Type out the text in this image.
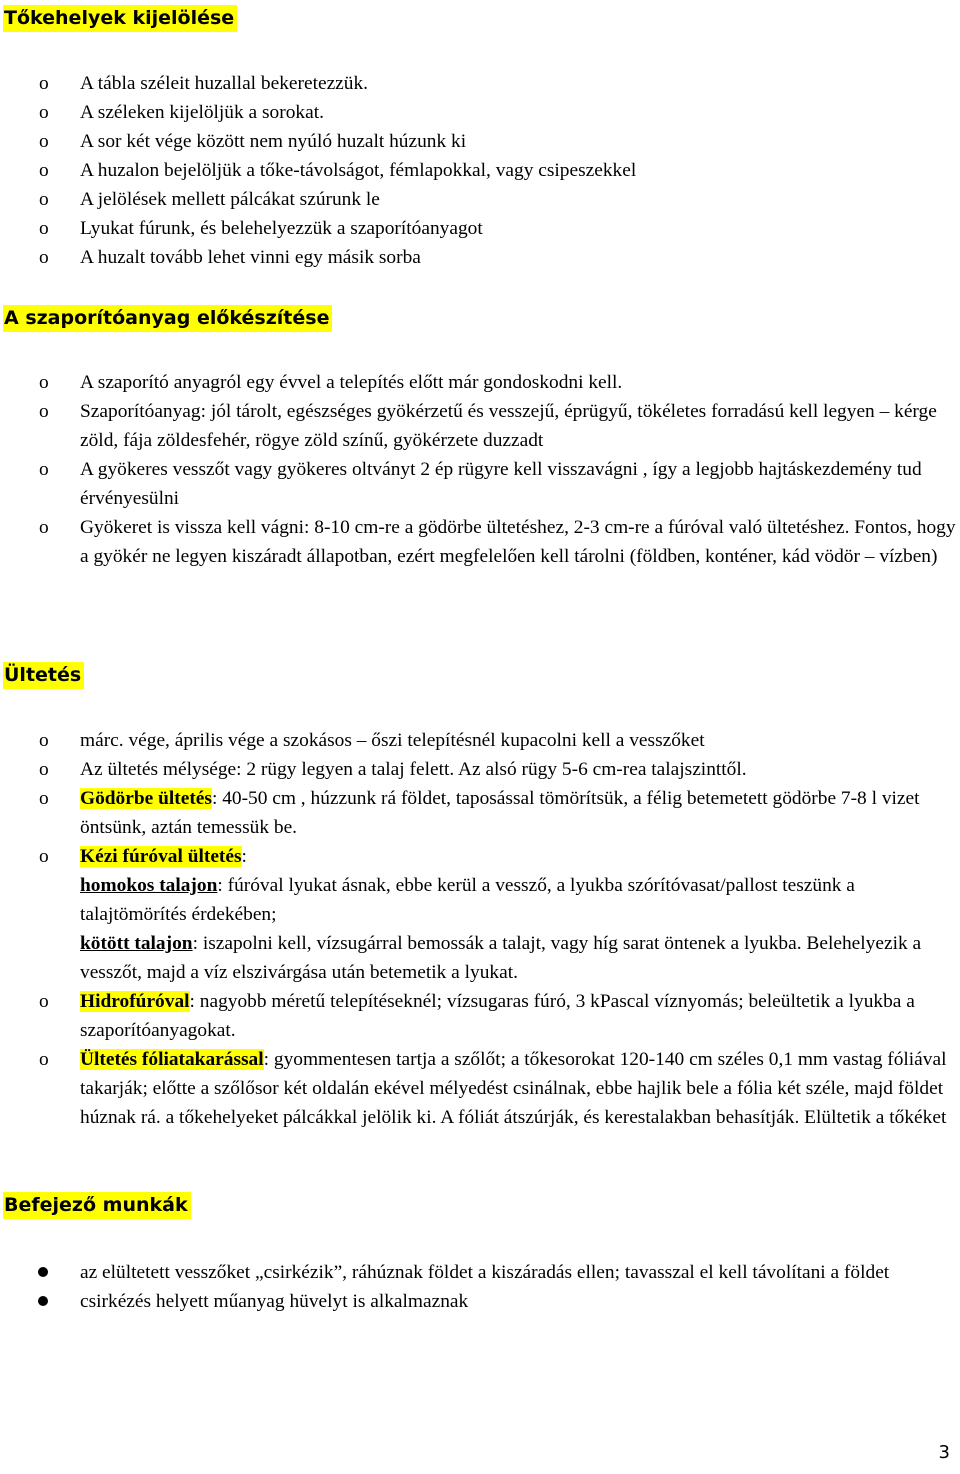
Tőkehelyek kijelölése
o A tábla széleit huzallal bekeretezzük.
o A széleken kijelöljük a sorokat.
o A sor két vége között nem nyúló huzalt húzunk ki
o A huzalon bejelöljük a tőke-távolságot, fémlapokkal, vagy csipeszekkel
o A jelölések mellett pálcákat szúrunk le
o Lyukat fúrunk, és belehelyezzük a szaporítóanyagot
o A huzalt tovább lehet vinni egy másik sorba
A szaporítóanyag előkészítése
o A szaporító anyagról egy évvel a telepítés előtt már gondoskodni kell.
o Szaporítóanyag: jól tárolt, egészséges gyökérzetű és vesszejű, éprügyű, tökéletes forradású kell legyen – kérge zöld, fája zöldesfehér, rögye zöld színű, gyökérzete duzzadt
o A gyökeres vesszőt vagy gyökeres oltványt 2 ép rügyre kell visszavágni , így a legjobb hajtáskezdemény tud érvényesülni
o Gyökeret is vissza kell vágni: 8-10 cm-re a gödörbe ültetéshez, 2-3 cm-re a fúróval való ültetéshez. Fontos, hogy a gyökér ne legyen kiszáradt állapotban, ezért megfelelően kell tárolni (földben, konténer, kád vödör – vízben)
Ültetés
o márc. vége, április vége a szokásos – őszi telepítésnél kupacolni kell a vesszőket
o Az ültetés mélysége: 2 rügy legyen a talaj felett. Az alsó rügy 5-6 cm-rea talajszinttől.
o Gödörbe ültetés: 40-50 cm , húzzunk rá földet, taposással tömörítsük, a félig betemetett gödörbe 7-8 l vizet öntsünk, aztán temessük be.
o Kézi fúróval ültetés:
homokos talajon: fúróval lyukat ásnak, ebbe kerül a vessző, a lyukba szórítóvasat/pallost teszünk a talajtömörítés érdekében;
kötött talajon: iszapolni kell, vízsugárral bemossák a talajt, vagy híg sarat öntenek a lyukba. Belehelyezik a vesszőt, majd a víz elszivárgása után betemetik a lyukat.
o Hidrofúróval: nagyobb méretű telepítéseknél; vízsugaras fúró, 3 kPascal víznyomás; beleültetik a lyukba a szaporítóanyagokat.
o Ültetés fóliatakarással: gyommentesen tartja a szőlőt; a tőkesorokat 120-140 cm széles 0,1 mm vastag fóliával takarják; előtte a szőlősor két oldalán ekével mélyedést csinálnak, ebbe hajlik bele a fólia két széle, majd földet húznak rá. a tőkehelyeket pálcákkal jelölik ki. A fóliát átszúrják, és kerestalakban behasítják. Elültetik a tőkéket
Befejező munkák
az elültetett vesszőket „csirkézik”, ráhúznak földet a kiszáradás ellen; tavasszal el kell távolítani a földet
csirkézés helyett műanyag hüvelyt is alkalmaznak
3
